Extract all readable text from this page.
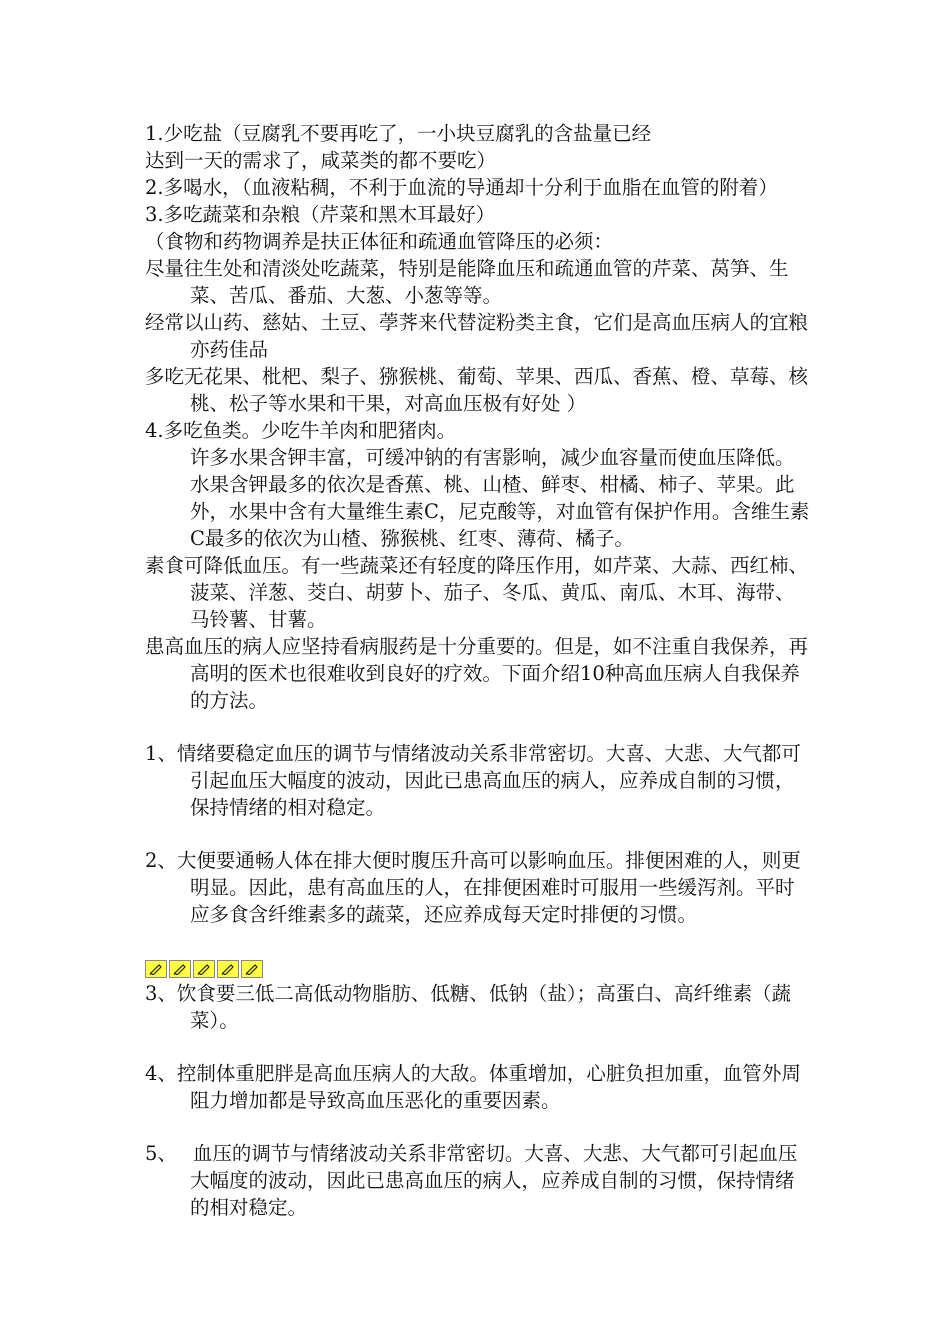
1.少吃盐（豆腐乳不要再吃了，一小块豆腐乳的含盐量已经

达到一天的需求了，咸菜类的都不要吃）

2.多喝水，（血液粘稠，不利于血流的导通却十分利于血脂在血管的附着）

3.多吃蔬菜和杂粮（芹菜和黑木耳最好）

（食物和药物调养是扶正体征和疏通血管降压的必须：

尽量往生处和清淡处吃蔬菜，特别是能降血压和疏通血管的芹菜、莴笋、生菜、苦瓜、番茄、大葱、小葱等等。

经常以山药、慈姑、土豆、荸荠来代替淀粉类主食，它们是高血压病人的宜粮亦药佳品

多吃无花果、枇杷、梨子、猕猴桃、葡萄、苹果、西瓜、香蕉、橙、草莓、核桃、松子等水果和干果，对高血压极有好处 ）

4.多吃鱼类。少吃牛羊肉和肥猪肉。

许多水果含钾丰富，可缓冲钠的有害影响，减少血容量而使血压降低。水果含钾最多的依次是香蕉、桃、山楂、鲜枣、柑橘、柿子、苹果。此外，水果中含有大量维生素C，尼克酸等，对血管有保护作用。含维生素C最多的依次为山楂、猕猴桃、红枣、薄荷、橘子。

素食可降低血压。有一些蔬菜还有轻度的降压作用，如芹菜、大蒜、西红柿、菠菜、洋葱、茭白、胡萝卜、茄子、冬瓜、黄瓜、南瓜、木耳、海带、马铃薯、甘薯。

患高血压的病人应坚持看病服药是十分重要的。但是，如不注重自我保养，再高明的医术也很难收到良好的疗效。下面介绍10种高血压病人自我保养的方法。

1、情绪要稳定血压的调节与情绪波动关系非常密切。大喜、大悲、大气都可引起血压大幅度的波动，因此已患高血压的病人，应养成自制的习惯，保持情绪的相对稳定。

2、大便要通畅人体在排大便时腹压升高可以影响血压。排便困难的人，则更明显。因此，患有高血压的人，在排便困难时可服用一些缓泻剂。平时应多食含纤维素多的蔬菜，还应养成每天定时排便的习惯。

3、饮食要三低二高低动物脂肪、低糖、低钠（盐）；高蛋白、高纤维素（蔬菜）。

4、控制体重肥胖是高血压病人的大敌。体重增加，心脏负担加重，血管外周阻力增加都是导致高血压恶化的重要因素。

5、　 血压的调节与情绪波动关系非常密切。大喜、大悲、大气都可引起血压大幅度的波动，因此已患高血压的病人，应养成自制的习惯，保持情绪的相对稳定。
